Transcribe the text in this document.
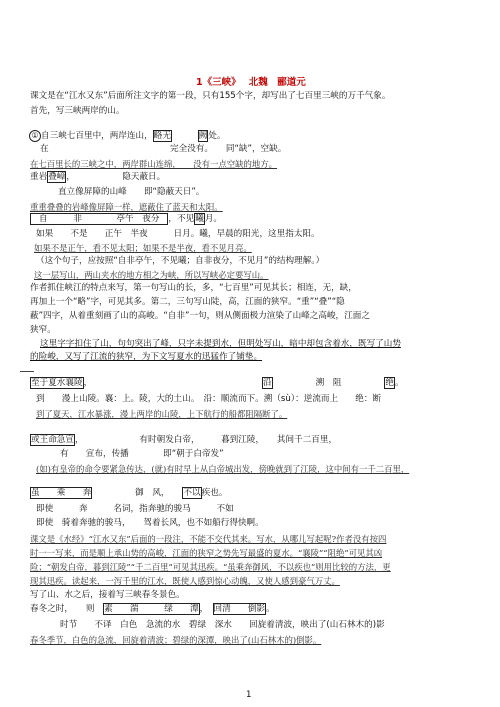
1《三峡》　 北魏　郦道元
课文是在“江水又东”后面所注文字的第一段，只有155个字，却写出了七百里三峡的万千气象。
首先，写三峡两岸的山。
① 自三峡七百里中，两岸连山，略无　　　	阙处。
在	完全没有。　　同“缺”，空缺。
在七百里长的三峡之中，两岸群山连绵，　　没有一点空缺的地方。
重岩叠嶂，　　　　　　隐天蔽日。
直立像屏障的山峰　　即“隐蔽天日”。
重重叠叠的岩峰像屏障一样，遮蔽住了蓝天和太阳。
自　　　	非　　　　	亭午　 夜分 ，不见曦月。
如果　　不是　　正午　半夜　　　日月。曦，早晨的阳光，这里指太阳。
如果不是正午，看不见太阳；如果不是半夜，看不见月亮。
（这个句子，应按照“自非亭午，不见曦；自非夜分，不见月”的结构理解。）
这一层写山，两山夹水的地方相之为峡，所以写峡必定要写山。
作者抓住峡江的特点来写，第一句写山的长，多，“七百里”可见其长；相连，无，缺，
再加上一个“略”字，可见其多。第二，三句写山陡，高，江面的狭窄。“重”“叠”“隐
蔽”四字，从着重刻画了山的高峻。“自非”一句，则从侧面极力渲染了山峰之高峻，江面之
狭窄。
这里字字扣住了山，句句突出了峰，只字未提到水，但明处写山，暗中却包含着水，既写了山势
的险峻，又写了江流的狭窄，为下文写夏水的迅猛作了铺垫。
至于夏水襄陵，	沿　　　　　	溯　 阻　　　　　	绝。
到　　漫上山陵。襄：上。陵，大的土山。　沿：顺流而下。溯（sù）：逆流而上　　绝：断
到了夏天，江水暴涨，漫上两岸的山陵，上下航行的船都阻隔断了。
或王命急宣，　　　　　　　有时朝发白帝，　　　暮到江陵，　　其间千二百里，
有　　宣布，传播　　　　即“朝于白帝发”
(如)有皇帝的命令要紧急传达，(就)有时早上从白帝城出发，傍晚就到了江陵，这中间有一千二百里，
虽　　乘　　奔　　　　　御　风，　　 不以疾也。
即使　　　奔　　　名词，指奔驰的骏马　　　不如
即使　骑着奔驰的骏马，　　驾着长风，也不如船行得快啊。
课文是《水经》“江水又东”后面的一段注，不能不交代其来。写水，从哪儿写起呢?作者没有按四
时一一写来，而是顺上承山势的高峻，江面的狭窄之势先写最盛的夏水。“襄陵”“阻绝”可见其凶
险；“朝发白帝，暮到江陵”“千二百里”可见其迅疾。“虽乘奔御风，不以疾也”则用比较的方法，更
现其迅疾。读起来，一泻千里的江水，既使人感到惊心动魄，又使人感到豪气万丈。
写了山、水之后，接着写三峡春冬景色。
春冬之时，　　则　 素　　湍　　　绿　　潭，　 回清　　倒影。
时节　　不译　白色　急流的水　碧绿　深水　　回旋着清波，映出了(山石林木的)影
春冬季节，白色的急流，回旋着清波；碧绿的深潭，映出了(山石林木的)倒影。
1
